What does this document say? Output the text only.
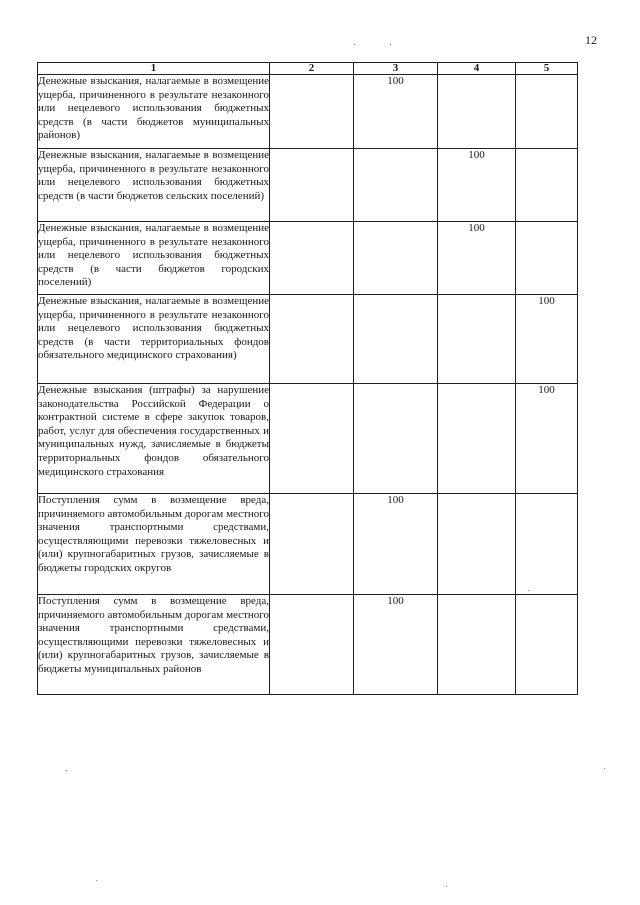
12
1	2	3	4	5
Денежные взыскания, налагаемые в возмещение ущерба, причиненного в результате незаконного или нецелевого использования бюджетных средств (в части бюджетов муниципальных районов)		100		
Денежные взыскания, налагаемые в возмещение ущерба, причиненного в результате незаконного или нецелевого использования бюджетных средств (в части бюджетов сельских поселений)			100	
Денежные взыскания, налагаемые в возмещение ущерба, причиненного в результате незаконного или нецелевого использования бюджетных средств (в части бюджетов городских поселений)			100	
Денежные взыскания, налагаемые в возмещение ущерба, причиненного в результате незаконного или нецелевого использования бюджетных средств (в части территориальных фондов обязательного медицинского страхования)				100
Денежные взыскания (штрафы) за нарушение законодательства Российской Федерации о контрактной системе в сфере закупок товаров, работ, услуг для обеспечения государственных и муниципальных нужд, зачисляемые в бюджеты территориальных фондов обязательного медицинского страхования				100
Поступления сумм в возмещение вреда, причиняемого автомобильным дорогам местного значения транспортными средствами, осуществляющими перевозки тяжеловесных и (или) крупногабаритных грузов, зачисляемые в бюджеты городских округов		100		
Поступления сумм в возмещение вреда, причиняемого автомобильным дорогам местного значения транспортными средствами, осуществляющими перевозки тяжеловесных и (или) крупногабаритных грузов, зачисляемые в бюджеты муниципальных районов		100		
